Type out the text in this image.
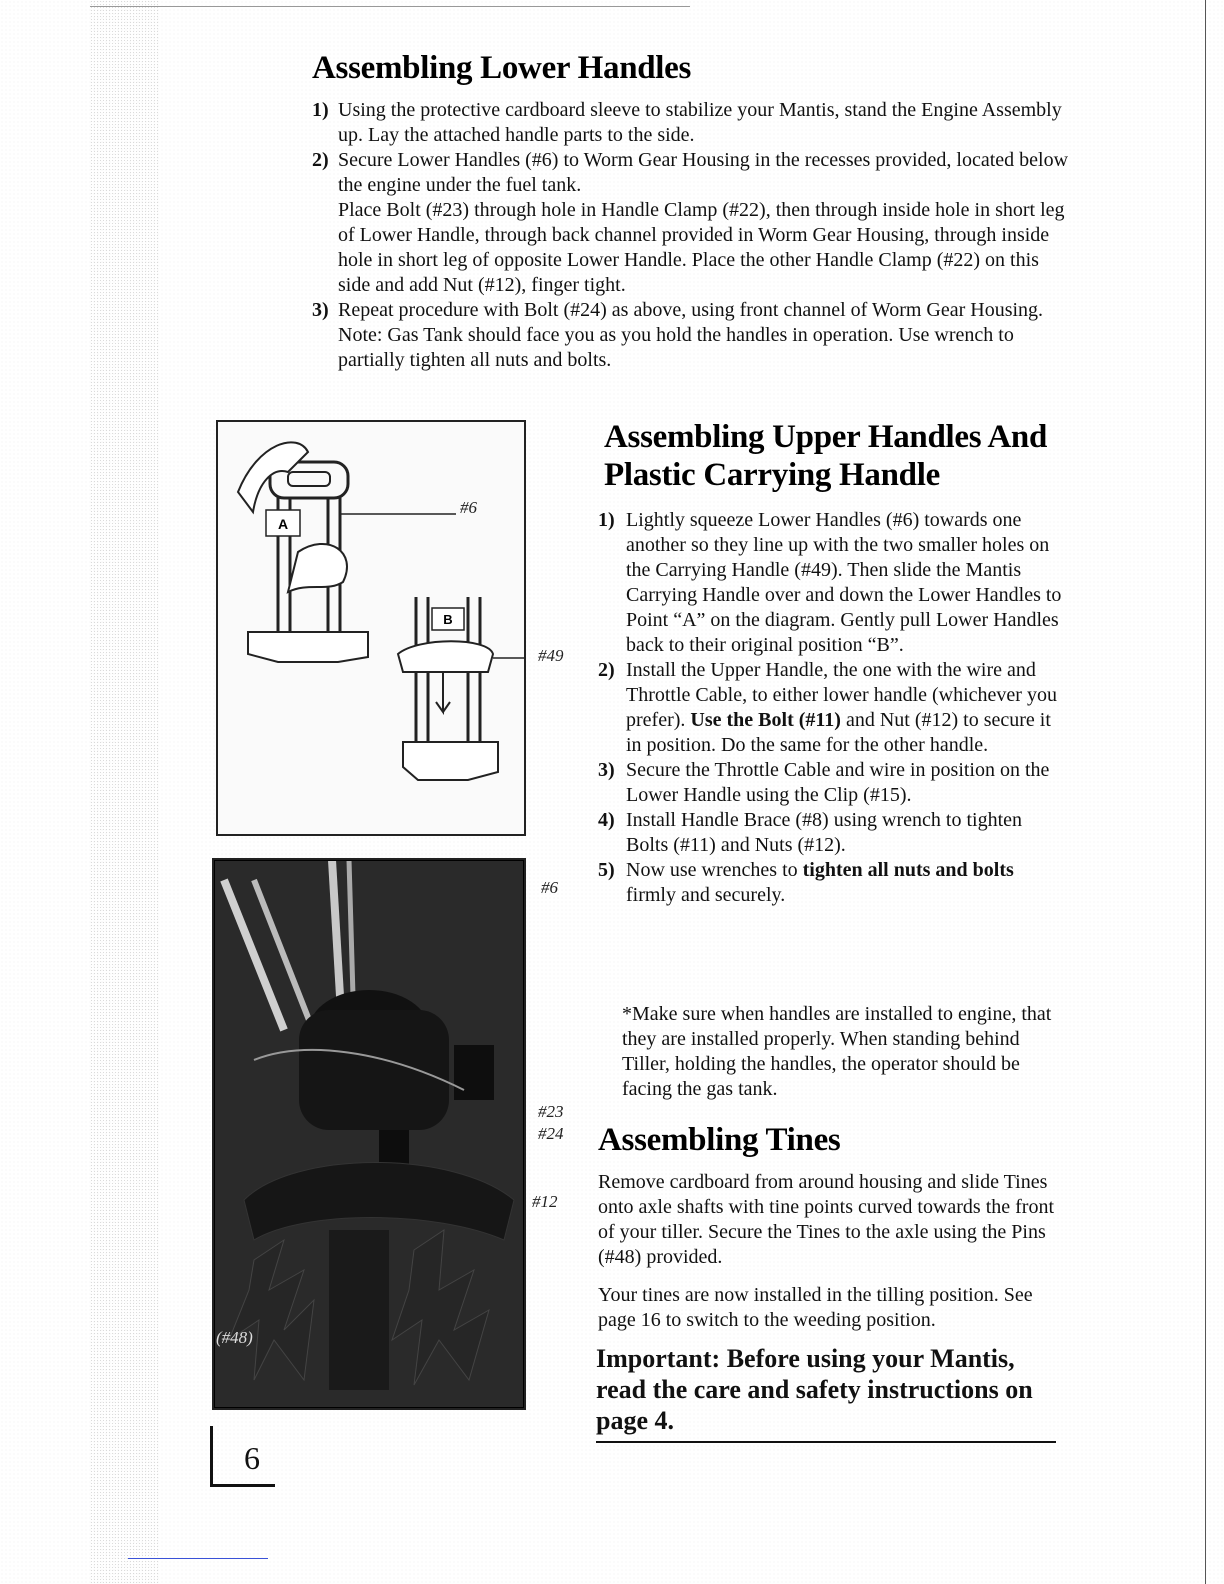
Assembling Lower Handles
1) Using the protective cardboard sleeve to stabilize your Mantis, stand the Engine Assembly up. Lay the attached handle parts to the side.

2) Secure Lower Handles (#6) to Worm Gear Housing in the recesses provided, located below the engine under the fuel tank.

Place Bolt (#23) through hole in Handle Clamp (#22), then through inside hole in short leg of Lower Handle, through back channel provided in Worm Gear Housing, through inside hole in short leg of opposite Lower Handle. Place the other Handle Clamp (#22) on this side and add Nut (#12), finger tight.

3) Repeat procedure with Bolt (#24) as above, using front channel of Worm Gear Housing. Note: Gas Tank should face you as you hold the handles in operation. Use wrench to partially tighten all nuts and bolts.

A
B
#6
#49
#6
#23
#24
#12
(#48)
Assembling Upper Handles And Plastic Carrying Handle
1) Lightly squeeze Lower Handles (#6) towards one another so they line up with the two smaller holes on the Carrying Handle (#49). Then slide the Mantis Carrying Handle over and down the Lower Handles to Point “A” on the diagram. Gently pull Lower Handles back to their original position “B”.

2) Install the Upper Handle, the one with the wire and Throttle Cable, to either lower handle (whichever you prefer). Use the Bolt (#11) and Nut (#12) to secure it in position. Do the same for the other handle.

3) Secure the Throttle Cable and wire in position on the Lower Handle using the Clip (#15).

4) Install Handle Brace (#8) using wrench to tighten Bolts (#11) and Nuts (#12).

5) Now use wrenches to tighten all nuts and bolts firmly and securely.

*Make sure when handles are installed to engine, that they are installed properly. When standing behind Tiller, holding the handles, the operator should be facing the gas tank.

Assembling Tines

Remove cardboard from around housing and slide Tines onto axle shafts with tine points curved towards the front of your tiller. Secure the Tines to the axle using the Pins (#48) provided.

Your tines are now installed in the tilling position. See page 16 to switch to the weeding position.

Important: Before using your Mantis, read the care and safety instructions on page 4.

6
